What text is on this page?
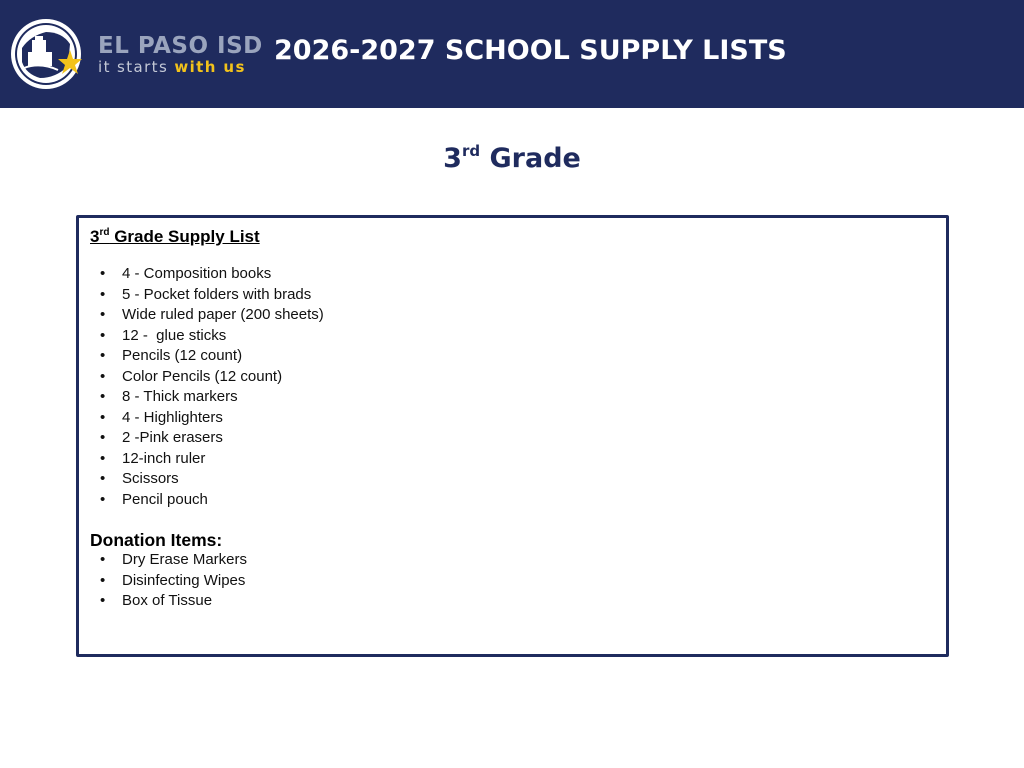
EL PASO ISD
it starts with us
2026-2027 SCHOOL SUPPLY LISTS
3rd Grade
3rd Grade Supply List
• 4 - Composition books
• 5 - Pocket folders with brads
• Wide ruled paper (200 sheets)
• 12 -  glue sticks
• Pencils (12 count)
• Color Pencils (12 count)
• 8 - Thick markers
• 4 - Highlighters
• 2 -Pink erasers
• 12-inch ruler
• Scissors
• Pencil pouch
Donation Items:
• Dry Erase Markers
• Disinfecting Wipes
• Box of Tissue
